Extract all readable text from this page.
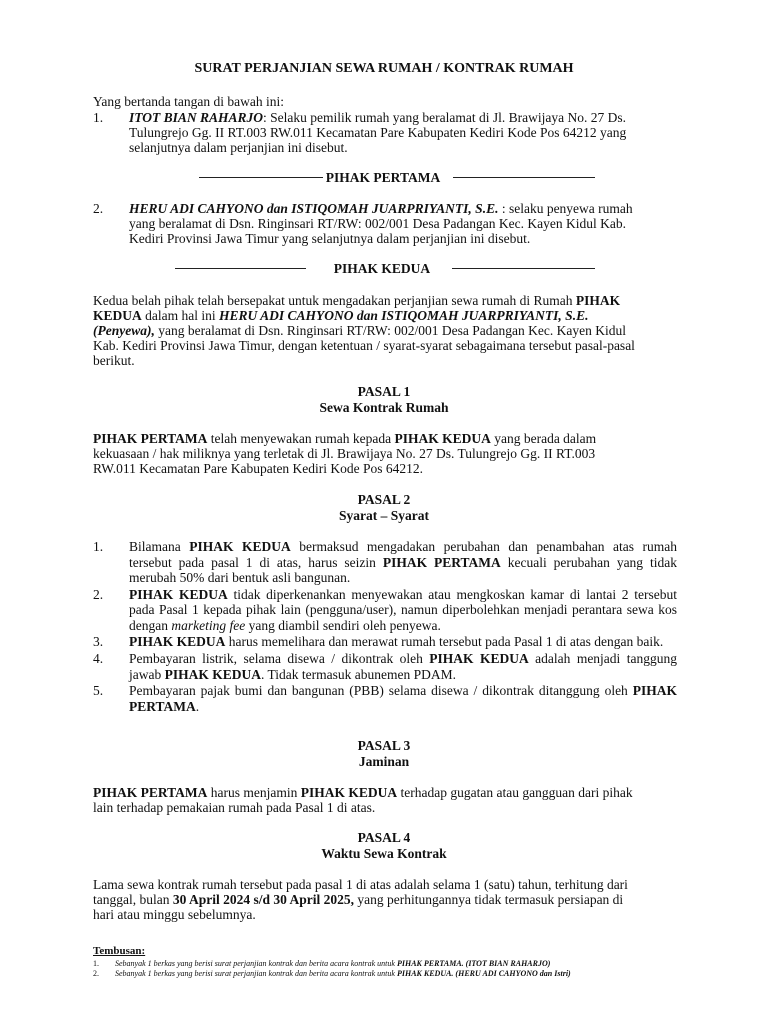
SURAT PERJANJIAN SEWA RUMAH / KONTRAK RUMAH
Yang bertanda tangan di bawah ini:
1. ITOT BIAN RAHARJO: Selaku pemilik rumah yang beralamat di Jl. Brawijaya No. 27 Ds.
Tulungrejo Gg. II RT.003 RW.011 Kecamatan Pare Kabupaten Kediri Kode Pos 64212 yang
selanjutnya dalam perjanjian ini disebut.
PIHAK PERTAMA
2. HERU ADI CAHYONO dan ISTIQOMAH JUARPRIYANTI, S.E. : selaku penyewa rumah
yang beralamat di Dsn. Ringinsari RT/RW: 002/001 Desa Padangan Kec. Kayen Kidul Kab.
Kediri Provinsi Jawa Timur yang selanjutnya dalam perjanjian ini disebut.
PIHAK KEDUA
Kedua belah pihak telah bersepakat untuk mengadakan perjanjian sewa rumah di Rumah PIHAK
KEDUA dalam hal ini HERU ADI CAHYONO dan ISTIQOMAH JUARPRIYANTI, S.E.
(Penyewa), yang beralamat di Dsn. Ringinsari RT/RW: 002/001 Desa Padangan Kec. Kayen Kidul
Kab. Kediri Provinsi Jawa Timur, dengan ketentuan / syarat-syarat sebagaimana tersebut pasal-pasal
berikut.
PASAL 1
Sewa Kontrak Rumah
PIHAK PERTAMA telah menyewakan rumah kepada PIHAK KEDUA yang berada dalam
kekuasaan / hak miliknya yang terletak di Jl. Brawijaya No. 27 Ds. Tulungrejo Gg. II RT.003
RW.011 Kecamatan Pare Kabupaten Kediri Kode Pos 64212.
PASAL 2
Syarat – Syarat
1.	Bilamana PIHAK KEDUA bermaksud mengadakan perubahan dan penambahan atas rumah tersebut pada pasal 1 di atas, harus seizin PIHAK PERTAMA kecuali perubahan yang tidak merubah 50% dari bentuk asli bangunan.
2.	PIHAK KEDUA tidak diperkenankan menyewakan atau mengkoskan kamar di lantai 2 tersebut pada Pasal 1 kepada pihak lain (pengguna/user), namun diperbolehkan menjadi perantara sewa kos dengan marketing fee yang diambil sendiri oleh penyewa.
3.	PIHAK KEDUA harus memelihara dan merawat rumah tersebut pada Pasal 1 di atas dengan baik.
4.	Pembayaran listrik, selama disewa / dikontrak oleh PIHAK KEDUA adalah menjadi tanggung jawab PIHAK KEDUA. Tidak termasuk abunemen PDAM.
5.	Pembayaran pajak bumi dan bangunan (PBB) selama disewa / dikontrak ditanggung oleh PIHAK PERTAMA.
PASAL 3
Jaminan
PIHAK PERTAMA harus menjamin PIHAK KEDUA terhadap gugatan atau gangguan dari pihak
lain terhadap pemakaian rumah pada Pasal 1 di atas.
PASAL 4
Waktu Sewa Kontrak
Lama sewa kontrak rumah tersebut pada pasal 1 di atas adalah selama 1 (satu) tahun, terhitung dari
tanggal, bulan 30 April 2024 s/d 30 April 2025, yang perhitungannya tidak termasuk persiapan di
hari atau minggu sebelumnya.
Tembusan:
1.	Sebanyak 1 berkas yang berisi surat perjanjian kontrak dan berita acara kontrak untuk PIHAK PERTAMA. (ITOT BIAN RAHARJO)
2.	Sebanyak 1 berkas yang berisi surat perjanjian kontrak dan berita acara kontrak untuk PIHAK KEDUA. (HERU ADI CAHYONO dan Istri)
